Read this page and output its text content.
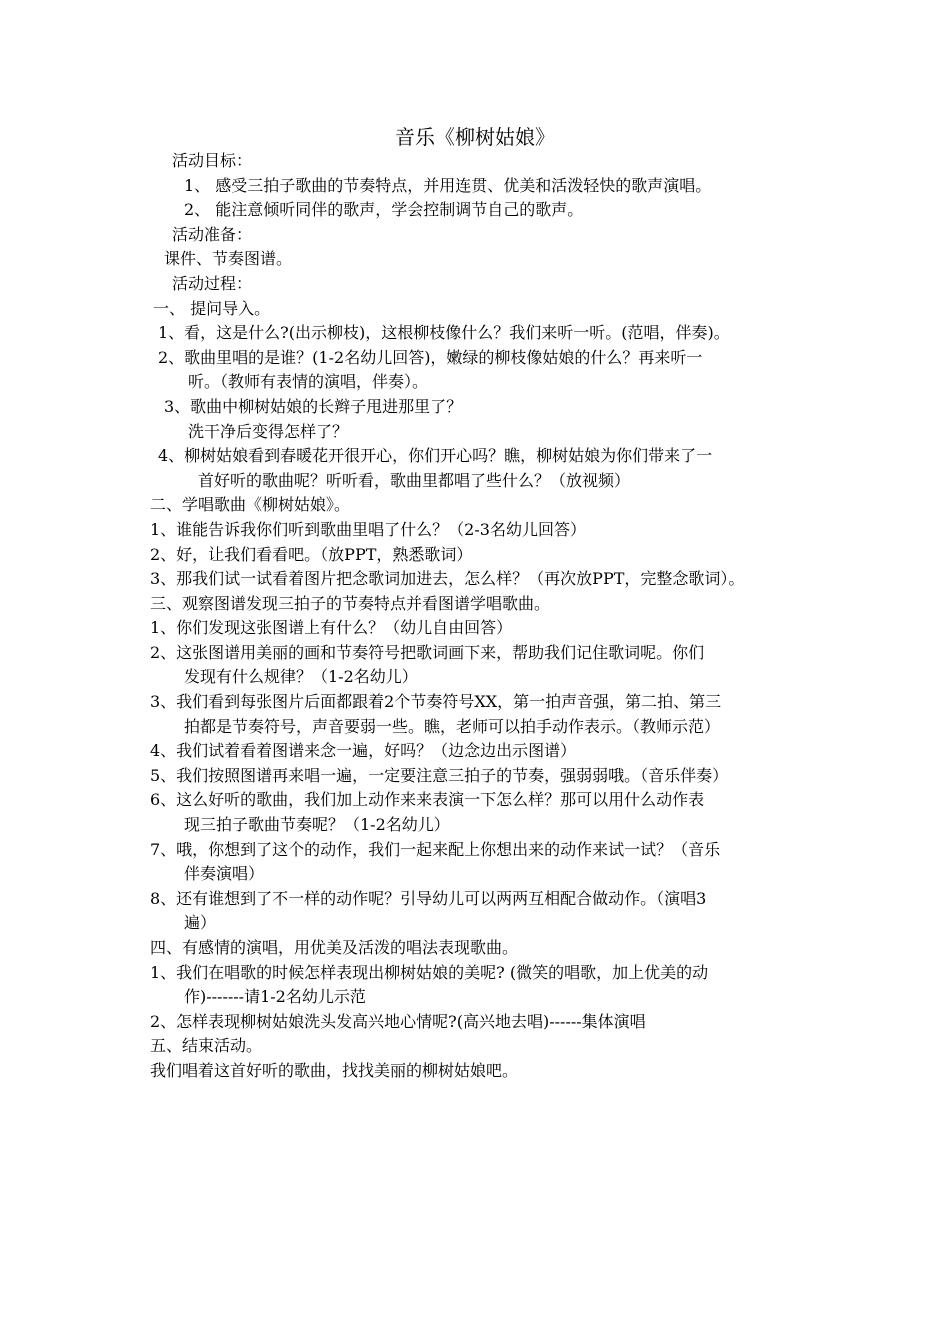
音乐《柳树姑娘》
活动目标：
1、 感受三拍子歌曲的节奏特点，并用连贯、优美和活泼轻快的歌声演唱。
2、 能注意倾听同伴的歌声，学会控制调节自己的歌声。
活动准备：
课件、节奏图谱。
活动过程：
一、 提问导入。
1、看，这是什么?(出示柳枝)，这根柳枝像什么？我们来听一听。(范唱，伴奏)。
2、歌曲里唱的是谁？(1-2名幼儿回答)，嫩绿的柳枝像姑娘的什么？再来听一
听。（教师有表情的演唱，伴奏）。
3、歌曲中柳树姑娘的长辫子甩进那里了？
洗干净后变得怎样了？
4、柳树姑娘看到春暖花开很开心，你们开心吗？瞧，柳树姑娘为你们带来了一
首好听的歌曲呢？听听看，歌曲里都唱了些什么？（放视频）
二、学唱歌曲《柳树姑娘》。
1、谁能告诉我你们听到歌曲里唱了什么？（2-3名幼儿回答）
2、好，让我们看看吧。（放PPT，熟悉歌词）
3、那我们试一试看着图片把念歌词加进去，怎么样？（再次放PPT，完整念歌词）。
三、观察图谱发现三拍子的节奏特点并看图谱学唱歌曲。
1、你们发现这张图谱上有什么？（幼儿自由回答）
2、这张图谱用美丽的画和节奏符号把歌词画下来，帮助我们记住歌词呢。你们
发现有什么规律？（1-2名幼儿）
3、我们看到每张图片后面都跟着2个节奏符号XX，第一拍声音强，第二拍、第三
拍都是节奏符号，声音要弱一些。瞧，老师可以拍手动作表示。（教师示范）
4、我们试着看着图谱来念一遍，好吗？（边念边出示图谱）
5、我们按照图谱再来唱一遍，一定要注意三拍子的节奏，强弱弱哦。（音乐伴奏）
6、这么好听的歌曲，我们加上动作来来表演一下怎么样？那可以用什么动作表
现三拍子歌曲节奏呢？（1-2名幼儿）
7、哦，你想到了这个的动作，我们一起来配上你想出来的动作来试一试？（音乐
伴奏演唱）
8、还有谁想到了不一样的动作呢？引导幼儿可以两两互相配合做动作。（演唱3
遍）
四、有感情的演唱，用优美及活泼的唱法表现歌曲。
1、我们在唱歌的时候怎样表现出柳树姑娘的美呢? (微笑的唱歌，加上优美的动
作)-------请1-2名幼儿示范
2、怎样表现柳树姑娘洗头发高兴地心情呢?(高兴地去唱)------集体演唱
五、结束活动。
我们唱着这首好听的歌曲，找找美丽的柳树姑娘吧。
